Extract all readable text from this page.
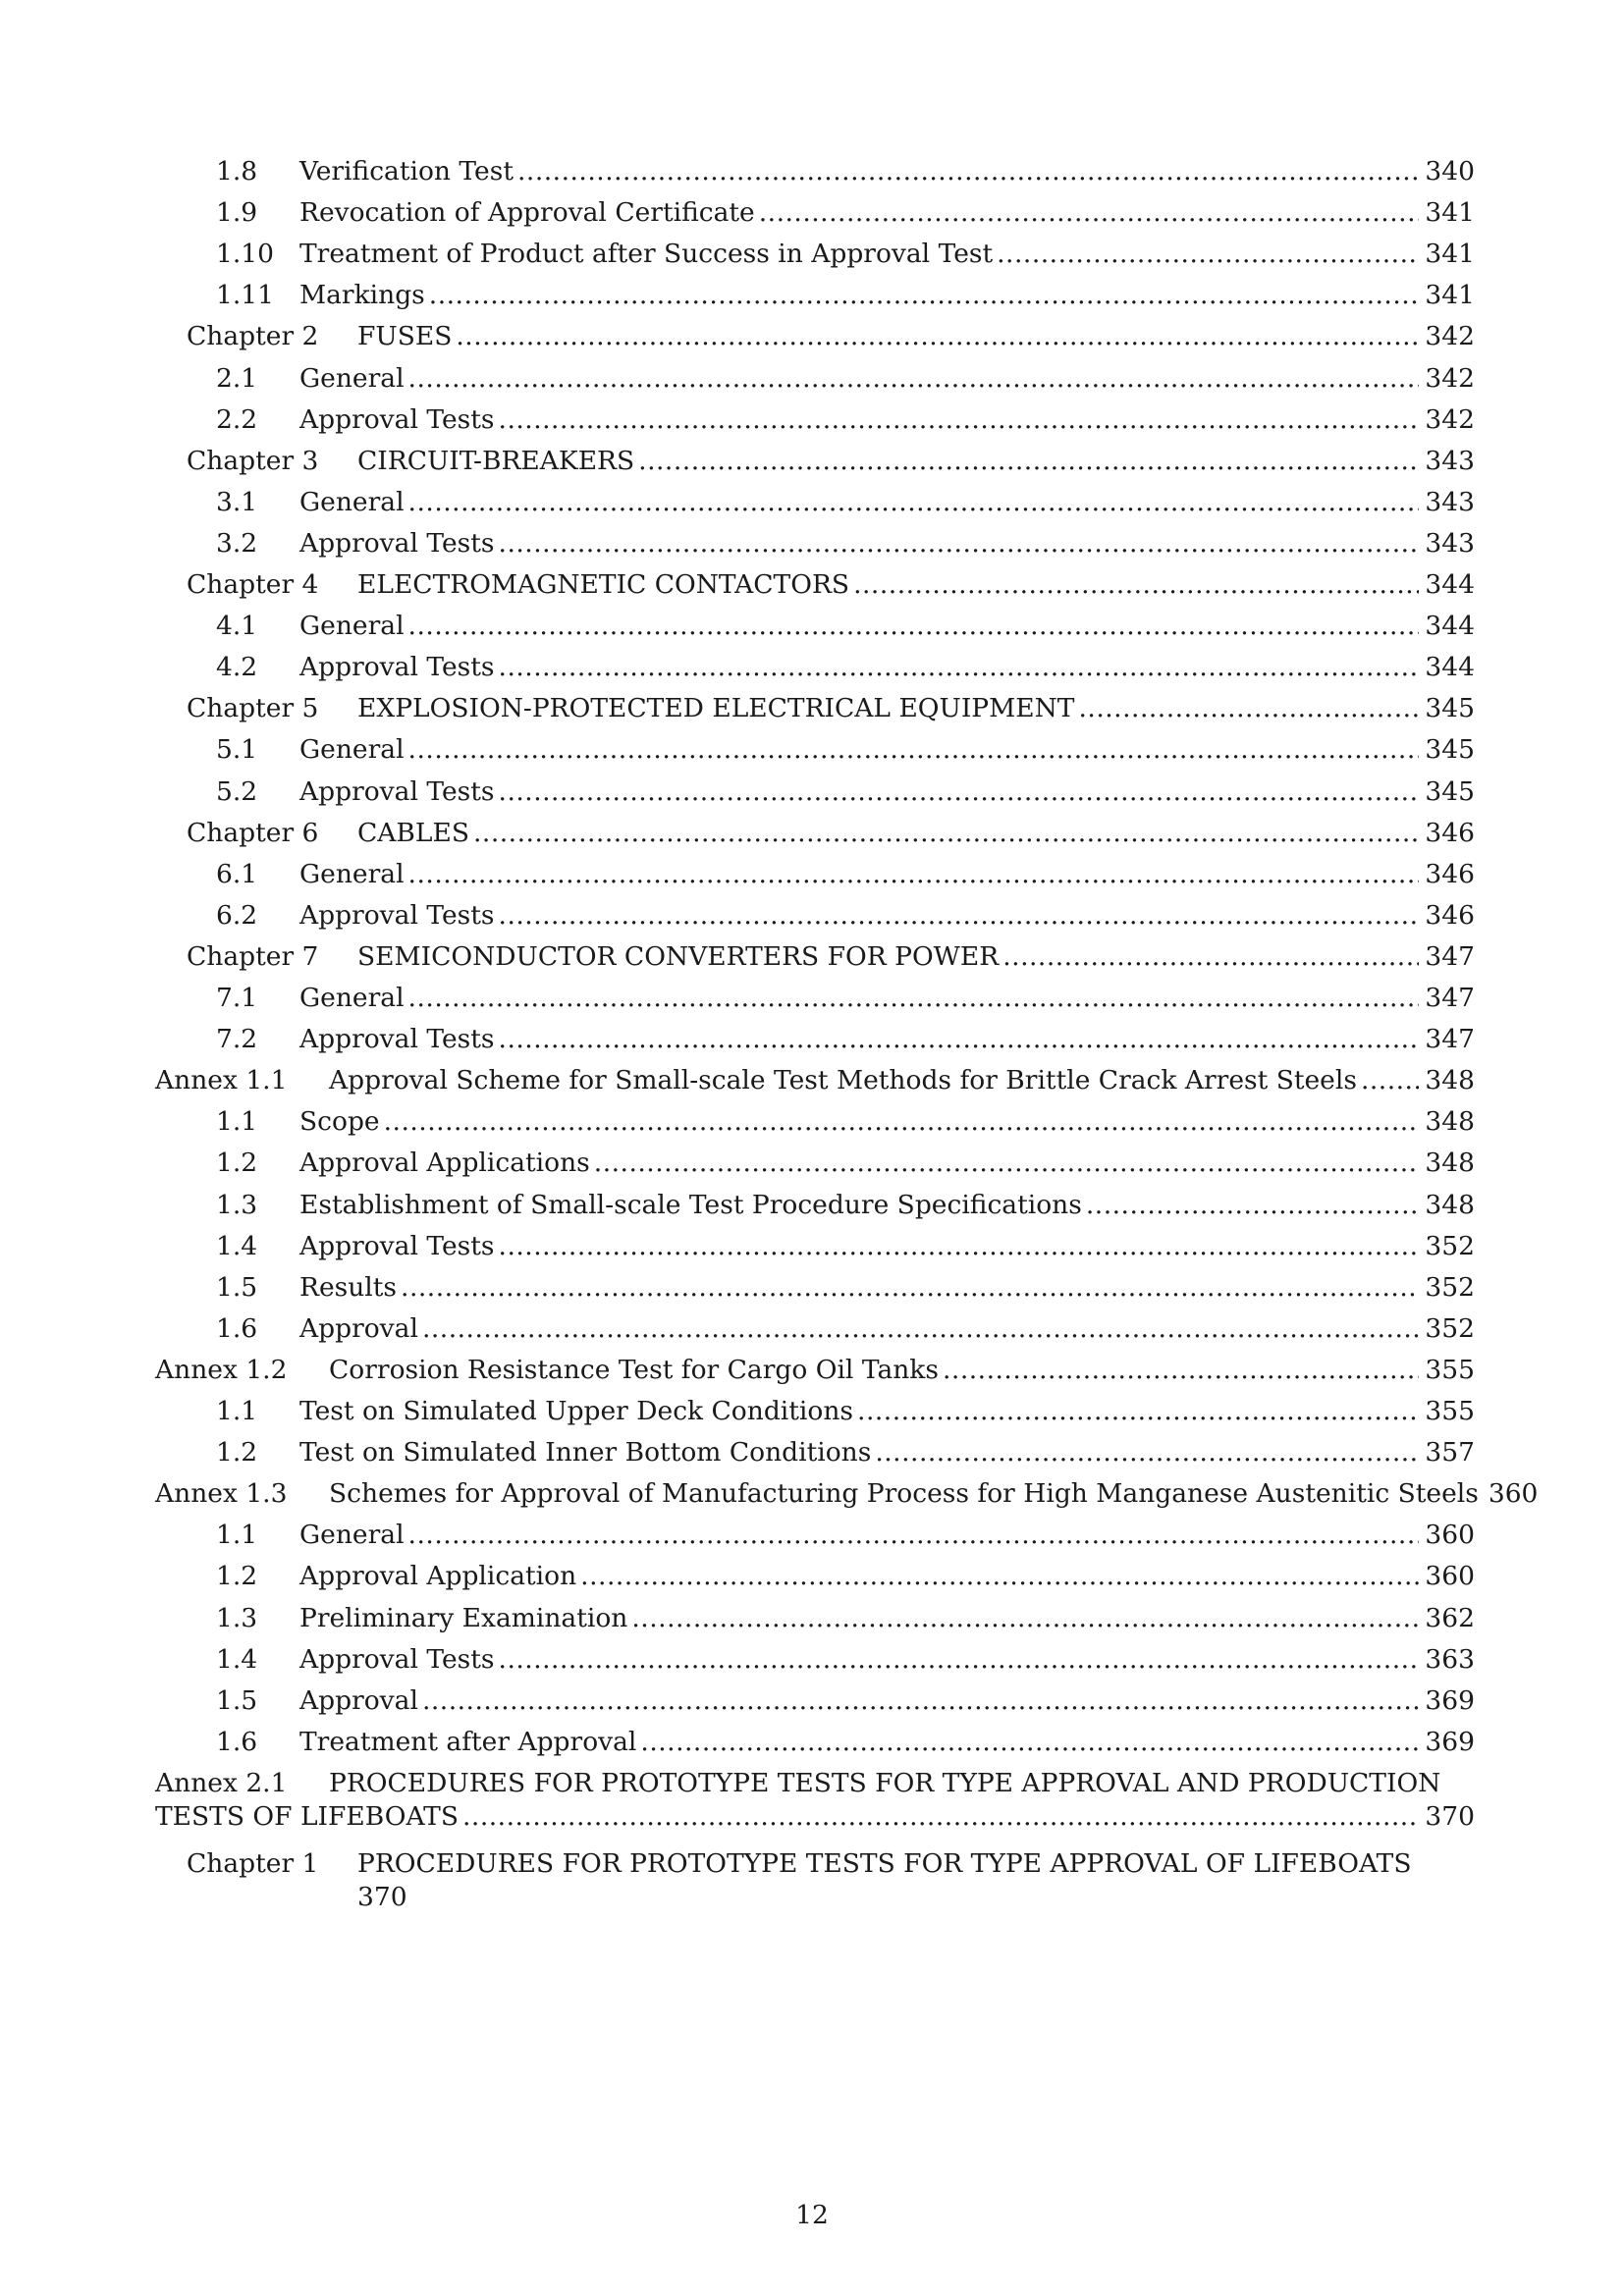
1.8 Verification Test .....	340
1.9 Revocation of Approval Certificate .....	341
1.10 Treatment of Product after Success in Approval Test .....	341
1.11 Markings .....	341
Chapter 2 FUSES .....	342
2.1 General .....	342
2.2 Approval Tests .....	342
Chapter 3 CIRCUIT-BREAKERS .....	343
3.1 General .....	343
3.2 Approval Tests .....	343
Chapter 4 ELECTROMAGNETIC CONTACTORS .....	344
4.1 General .....	344
4.2 Approval Tests .....	344
Chapter 5 EXPLOSION-PROTECTED ELECTRICAL EQUIPMENT .....	345
5.1 General .....	345
5.2 Approval Tests .....	345
Chapter 6 CABLES .....	346
6.1 General .....	346
6.2 Approval Tests .....	346
Chapter 7 SEMICONDUCTOR CONVERTERS FOR POWER .....	347
7.1 General .....	347
7.2 Approval Tests .....	347
Annex 1.1 Approval Scheme for Small-scale Test Methods for Brittle Crack Arrest Steels .....	348
1.1 Scope .....	348
1.2 Approval Applications .....	348
1.3 Establishment of Small-scale Test Procedure Specifications .....	348
1.4 Approval Tests .....	352
1.5 Results .....	352
1.6 Approval .....	352
Annex 1.2 Corrosion Resistance Test for Cargo Oil Tanks .....	355
1.1 Test on Simulated Upper Deck Conditions .....	355
1.2 Test on Simulated Inner Bottom Conditions .....	357
Annex 1.3 Schemes for Approval of Manufacturing Process for High Manganese Austenitic Steels 360
1.1 General .....	360
1.2 Approval Application .....	360
1.3 Preliminary Examination .....	362
1.4 Approval Tests .....	363
1.5 Approval .....	369
1.6 Treatment after Approval .....	369
Annex 2.1 PROCEDURES FOR PROTOTYPE TESTS FOR TYPE APPROVAL AND PRODUCTION
TESTS OF LIFEBOATS .....	370
Chapter 1 PROCEDURES FOR PROTOTYPE TESTS FOR TYPE APPROVAL OF LIFEBOATS
370
12
